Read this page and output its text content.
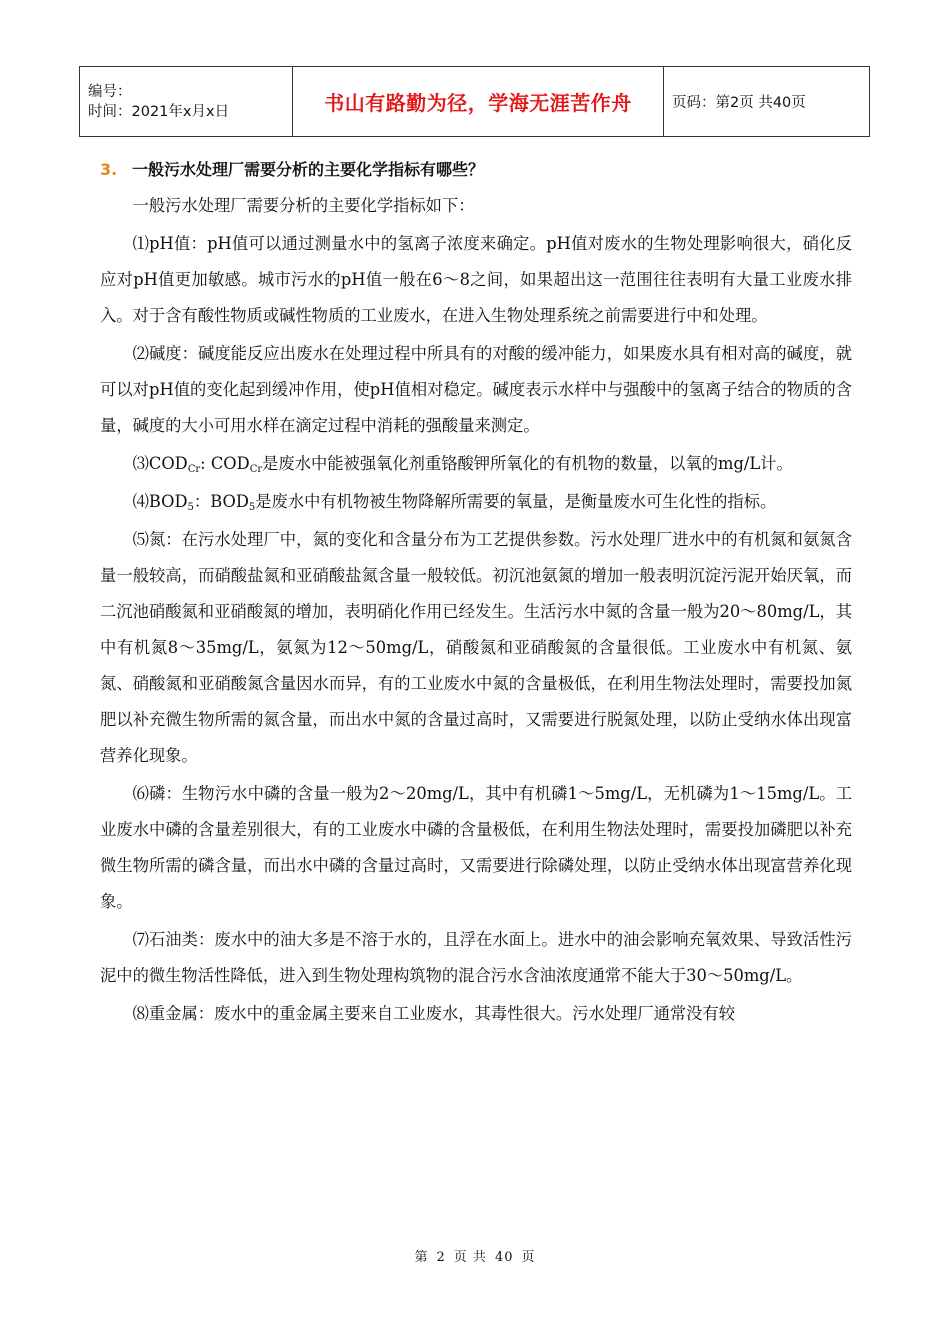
编号：
时间：2021年x月x日	书山有路勤为径，学海无涯苦作舟	页码：第2页 共40页
3. 一般污水处理厂需要分析的主要化学指标有哪些？

一般污水处理厂需要分析的主要化学指标如下：

⑴pH值：pH值可以通过测量水中的氢离子浓度来确定。pH值对废水的生物处理影响很大，硝化反应对pH值更加敏感。城市污水的pH值一般在6～8之间，如果超出这一范围往往表明有大量工业废水排入。对于含有酸性物质或碱性物质的工业废水，在进入生物处理系统之前需要进行中和处理。

⑵碱度：碱度能反应出废水在处理过程中所具有的对酸的缓冲能力，如果废水具有相对高的碱度，就可以对pH值的变化起到缓冲作用，使pH值相对稳定。碱度表示水样中与强酸中的氢离子结合的物质的含量，碱度的大小可用水样在滴定过程中消耗的强酸量来测定。

$⑶COD_{Cr}$: $COD_{Cr}$是废水中能被强氧化剂重铬酸钾所氧化的有机物的数量，以氧的mg/L计。

$⑷BOD_5$：$BOD_5$是废水中有机物被生物降解所需要的氧量，是衡量废水可生化性的指标。

⑸氮：在污水处理厂中，氮的变化和含量分布为工艺提供参数。污水处理厂进水中的有机氮和氨氮含量一般较高，而硝酸盐氮和亚硝酸盐氮含量一般较低。初沉池氨氮的增加一般表明沉淀污泥开始厌氧，而二沉池硝酸氮和亚硝酸氮的增加，表明硝化作用已经发生。生活污水中氮的含量一般为20～80mg/L，其中有机氮8～35mg/L，氨氮为12～50mg/L，硝酸氮和亚硝酸氮的含量很低。工业废水中有机氮、氨氮、硝酸氮和亚硝酸氮含量因水而异，有的工业废水中氮的含量极低，在利用生物法处理时，需要投加氮肥以补充微生物所需的氮含量，而出水中氮的含量过高时，又需要进行脱氮处理，以防止受纳水体出现富营养化现象。

⑹磷：生物污水中磷的含量一般为2～20mg/L，其中有机磷1～5mg/L，无机磷为1～15mg/L。工业废水中磷的含量差别很大，有的工业废水中磷的含量极低，在利用生物法处理时，需要投加磷肥以补充微生物所需的磷含量，而出水中磷的含量过高时，又需要进行除磷处理，以防止受纳水体出现富营养化现象。

⑺石油类：废水中的油大多是不溶于水的，且浮在水面上。进水中的油会影响充氧效果、导致活性污泥中的微生物活性降低，进入到生物处理构筑物的混合污水含油浓度通常不能大于30～50mg/L。

⑻重金属：废水中的重金属主要来自工业废水，其毒性很大。污水处理厂通常没有较

第 2 页 共 40 页
